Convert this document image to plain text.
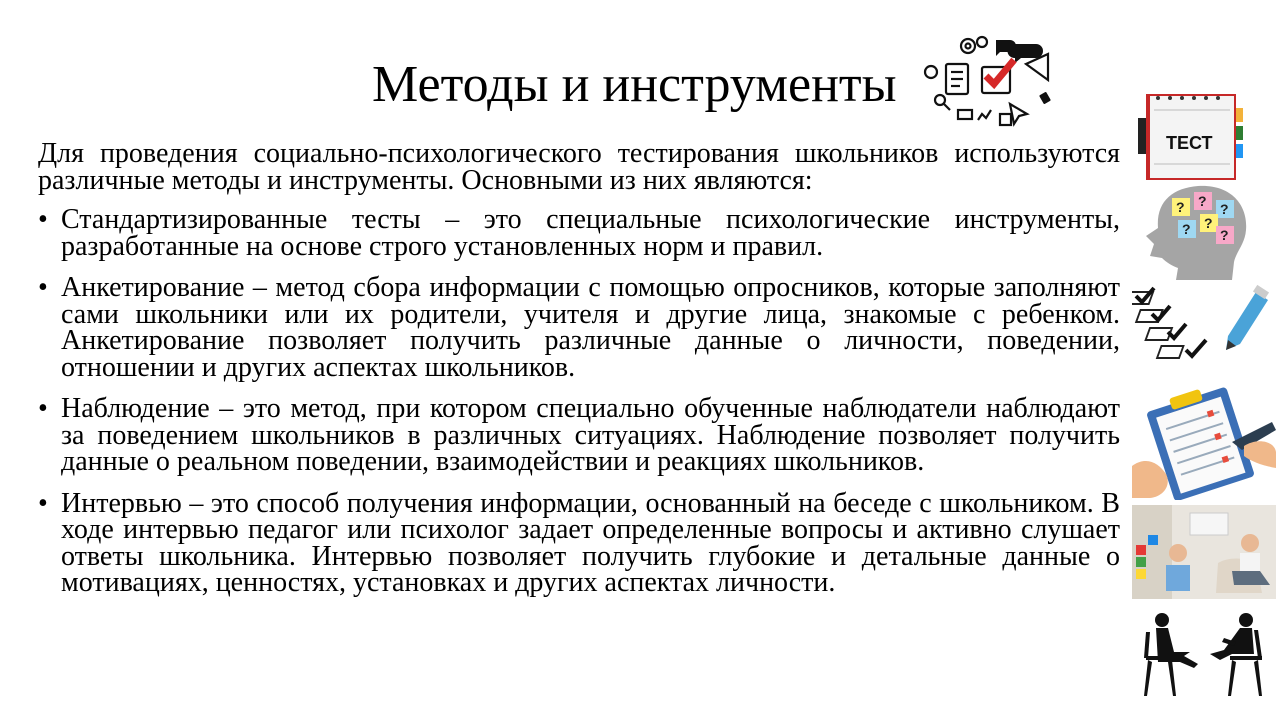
Методы и инструменты

Для проведения социально-психологического тестирования школьников используются различные методы и инструменты. Основными из них являются:

• Стандартизированные тесты – это специальные психологические инструменты, разработанные на основе строго установленных норм и правил.
• Анкетирование – метод сбора информации с помощью опросников, которые заполняют сами школьники или их родители, учителя и другие лица, знакомые с ребенком. Анкетирование позволяет получить различные данные о личности, поведении, отношении и других аспектах школьников.
• Наблюдение – это метод, при котором специально обученные наблюдатели наблюдают за поведением школьников в различных ситуациях. Наблюдение позволяет получить данные о реальном поведении, взаимодействии и реакциях школьников.
• Интервью – это способ получения информации, основанный на беседе с школьником. В ходе интервью педагог или психолог задает определенные вопросы и активно слушает ответы школьника. Интервью позволяет получить глубокие и детальные данные о мотивациях, ценностях, установках и других аспектах личности.
ТЕСТ
? ? ?
? ?
?
